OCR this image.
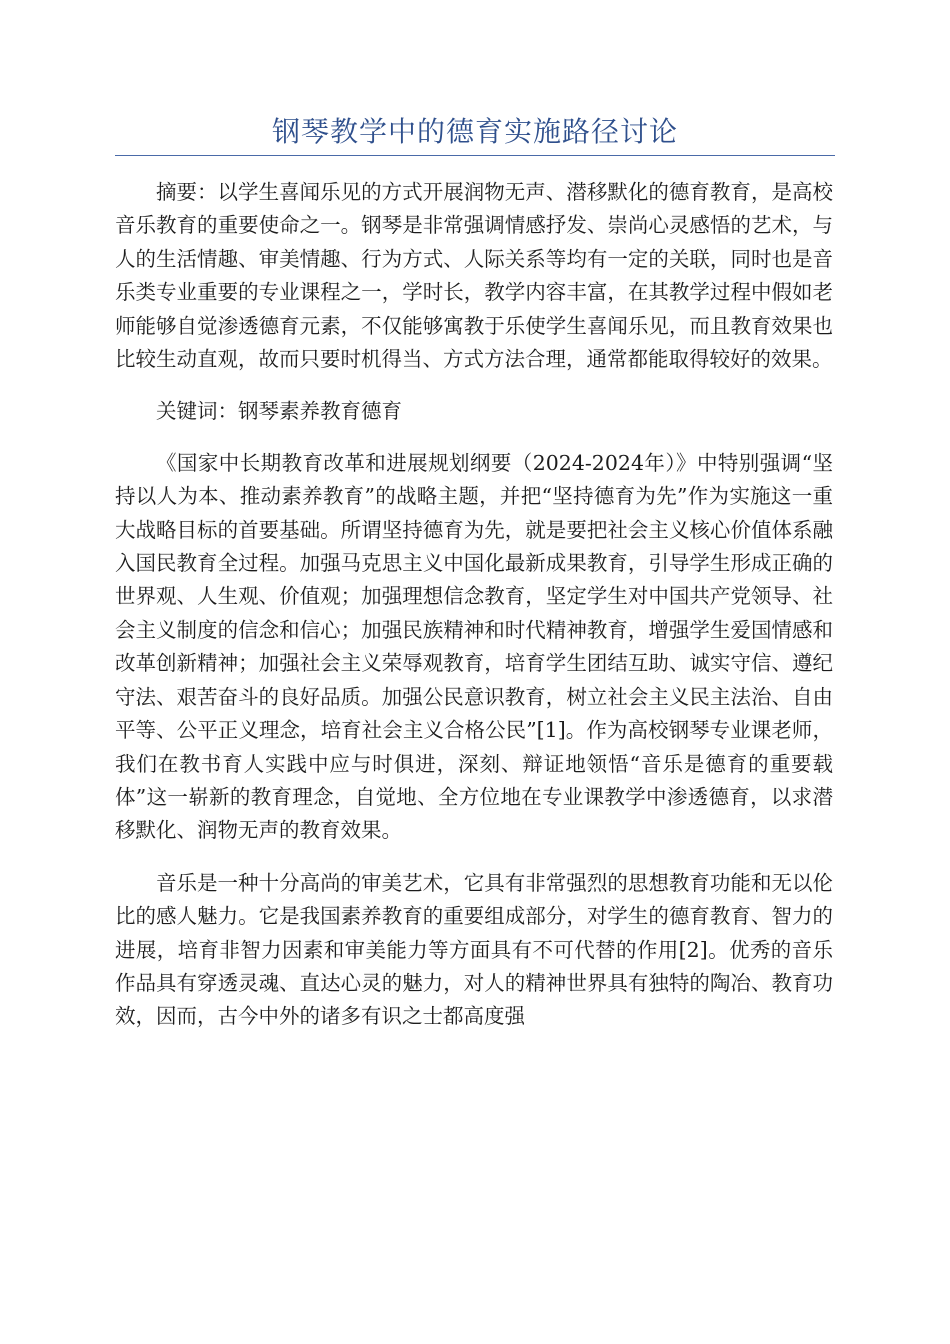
钢琴教学中的德育实施路径讨论

摘要：以学生喜闻乐见的方式开展润物无声、潜移默化的德育教育，是高校音乐教育的重要使命之一。钢琴是非常强调情感抒发、崇尚心灵感悟的艺术，与人的生活情趣、审美情趣、行为方式、人际关系等均有一定的关联，同时也是音乐类专业重要的专业课程之一，学时长，教学内容丰富，在其教学过程中假如老师能够自觉渗透德育元素，不仅能够寓教于乐使学生喜闻乐见，而且教育效果也比较生动直观，故而只要时机得当、方式方法合理，通常都能取得较好的效果。

关键词：钢琴素养教育德育

《国家中长期教育改革和进展规划纲要（2024-2024年）》中特别强调“坚持以人为本、推动素养教育”的战略主题，并把“坚持德育为先”作为实施这一重大战略目标的首要基础。所谓坚持德育为先，就是要把社会主义核心价值体系融入国民教育全过程。加强马克思主义中国化最新成果教育，引导学生形成正确的世界观、人生观、价值观；加强理想信念教育，坚定学生对中国共产党领导、社会主义制度的信念和信心；加强民族精神和时代精神教育，增强学生爱国情感和改革创新精神；加强社会主义荣辱观教育，培育学生团结互助、诚实守信、遵纪守法、艰苦奋斗的良好品质。加强公民意识教育，树立社会主义民主法治、自由平等、公平正义理念，培育社会主义合格公民”[1]。作为高校钢琴专业课老师，我们在教书育人实践中应与时俱进，深刻、辩证地领悟“音乐是德育的重要载体”这一崭新的教育理念，自觉地、全方位地在专业课教学中渗透德育，以求潜移默化、润物无声的教育效果。

音乐是一种十分高尚的审美艺术，它具有非常强烈的思想教育功能和无以伦比的感人魅力。它是我国素养教育的重要组成部分，对学生的德育教育、智力的进展，培育非智力因素和审美能力等方面具有不可代替的作用[2]。优秀的音乐作品具有穿透灵魂、直达心灵的魅力，对人的精神世界具有独特的陶冶、教育功效，因而，古今中外的诸多有识之士都高度强
